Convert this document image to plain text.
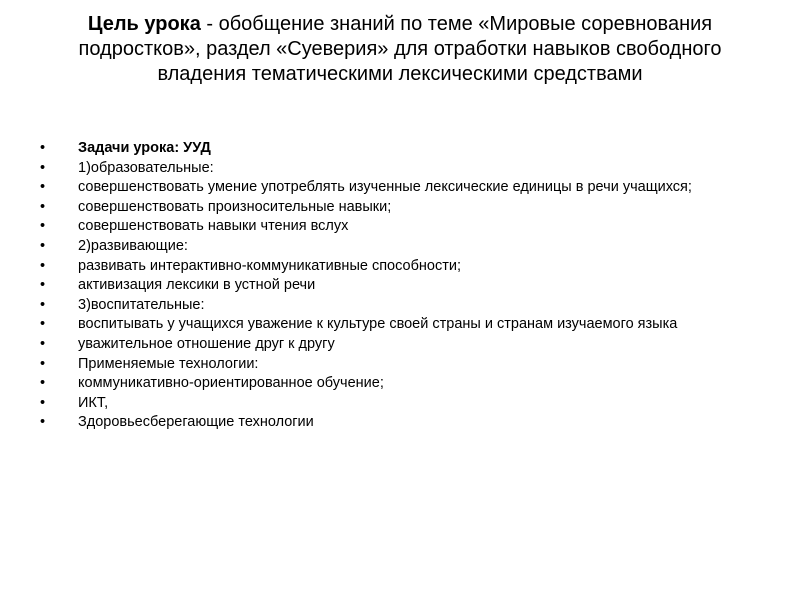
Цель урока - обобщение знаний по теме «Мировые соревнования подростков», раздел «Суеверия» для отработки навыков свободного владения тематическими лексическими средствами
•	Задачи урока: УУД
•	1)образовательные:
•	совершенствовать умение употреблять изученные лексические единицы в речи учащихся;
•	совершенствовать произносительные навыки;
•	совершенствовать навыки чтения вслух
•	2)развивающие:
•	развивать интерактивно-коммуникативные способности;
•	активизация лексики в устной речи
•	3)воспитательные:
•	воспитывать у учащихся уважение к культуре своей страны и странам изучаемого языка
•	уважительное отношение друг к другу
•	Применяемые технологии:
•	коммуникативно-ориентированное обучение;
•	ИКТ,
•	Здоровьесберегающие технологии
